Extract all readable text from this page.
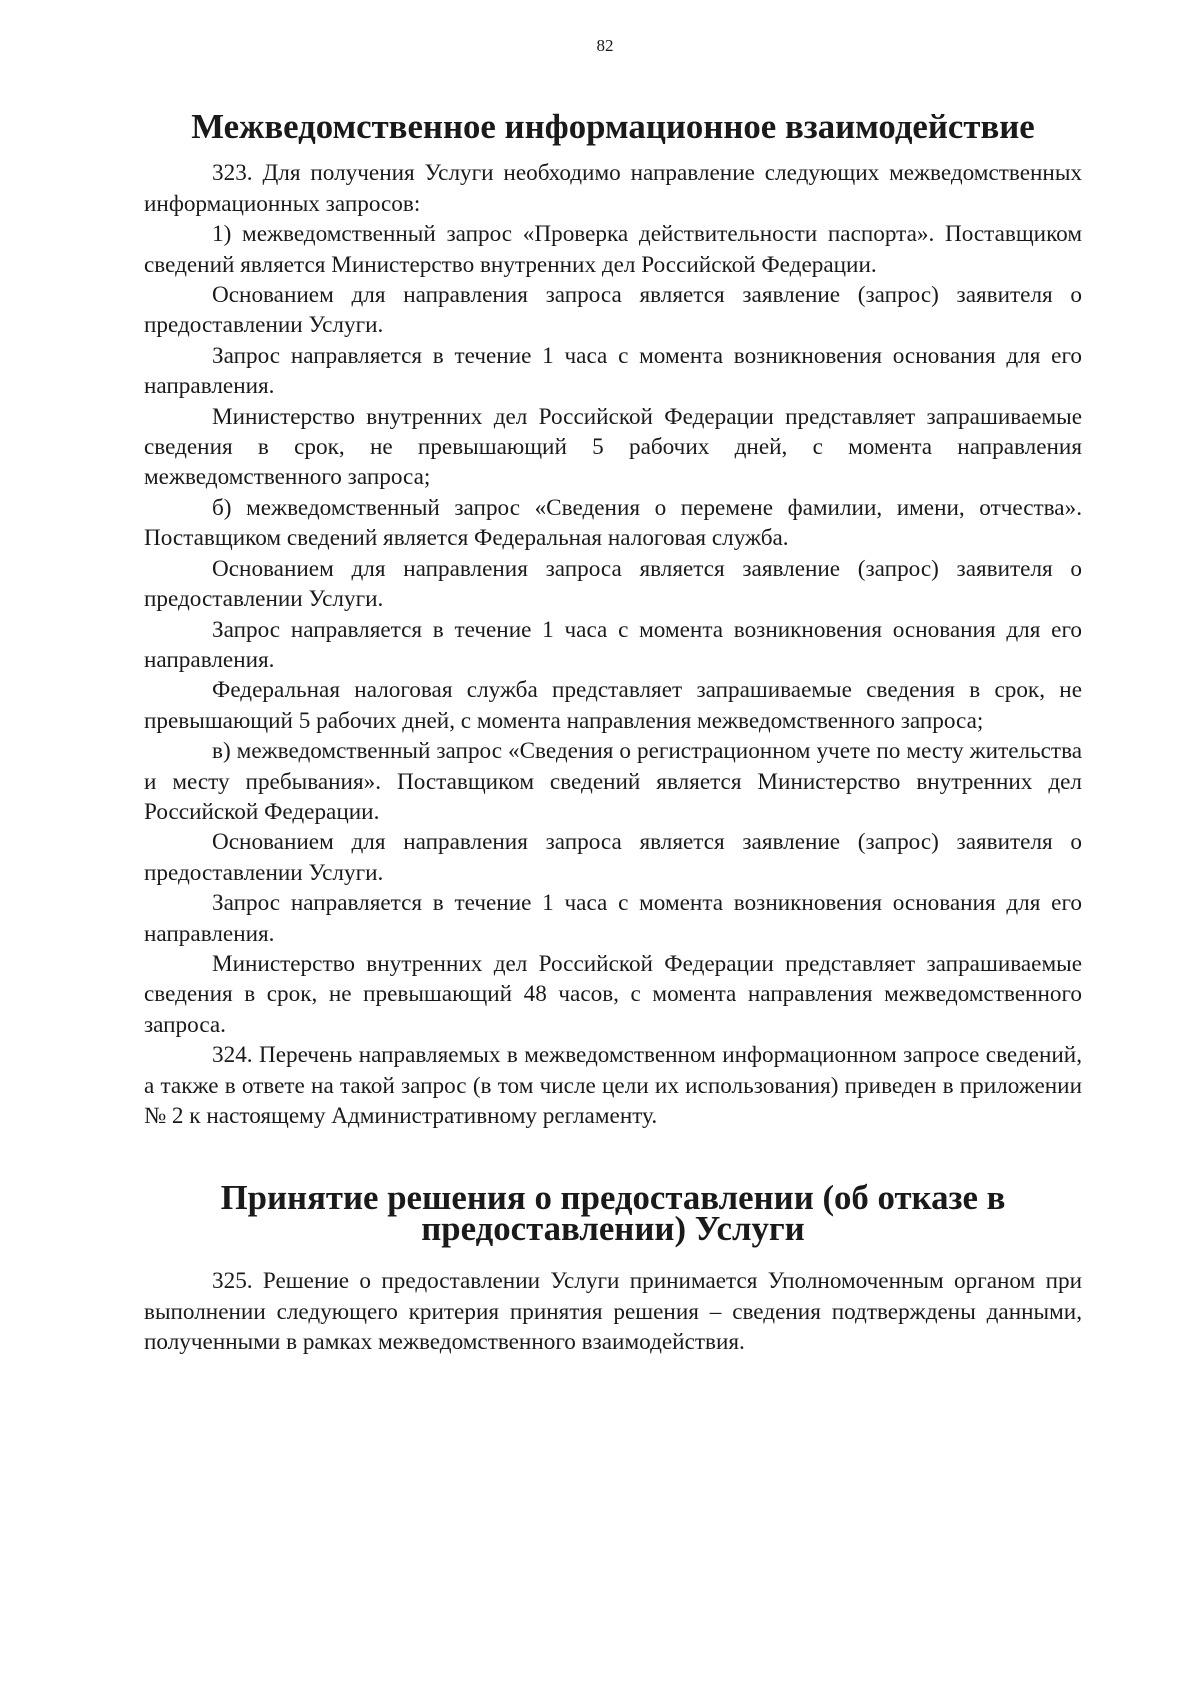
82
Межведомственное информационное взаимодействие

323. Для получения Услуги необходимо направление следующих межведомственных информационных запросов:

1) межведомственный запрос «Проверка действительности паспорта». Поставщиком сведений является Министерство внутренних дел Российской Федерации.

Основанием для направления запроса является заявление (запрос) заявителя о предоставлении Услуги.

Запрос направляется в течение 1 часа с момента возникновения основания для его направления.

Министерство внутренних дел Российской Федерации представляет запрашиваемые сведения в срок, не превышающий 5 рабочих дней, с момента направления межведомственного запроса;

б) межведомственный запрос «Сведения о перемене фамилии, имени, отчества». Поставщиком сведений является Федеральная налоговая служба.

Основанием для направления запроса является заявление (запрос) заявителя о предоставлении Услуги.

Запрос направляется в течение 1 часа с момента возникновения основания для его направления.

Федеральная налоговая служба представляет запрашиваемые сведения в срок, не превышающий 5 рабочих дней, с момента направления межведомственного запроса;

в) межведомственный запрос «Сведения о регистрационном учете по месту жительства и месту пребывания». Поставщиком сведений является Министерство внутренних дел Российской Федерации.

Основанием для направления запроса является заявление (запрос) заявителя о предоставлении Услуги.

Запрос направляется в течение 1 часа с момента возникновения основания для его направления.

Министерство внутренних дел Российской Федерации представляет запрашиваемые сведения в срок, не превышающий 48 часов, с момента направления межведомственного запроса.

324. Перечень направляемых в межведомственном информационном запросе сведений, а также в ответе на такой запрос (в том числе цели их использования) приведен в приложении № 2 к настоящему Административному регламенту.

Принятие решения о предоставлении (об отказе в предоставлении) Услуги

325. Решение о предоставлении Услуги принимается Уполномоченным органом при выполнении следующего критерия принятия решения – сведения подтверждены данными, полученными в рамках межведомственного взаимодействия.
